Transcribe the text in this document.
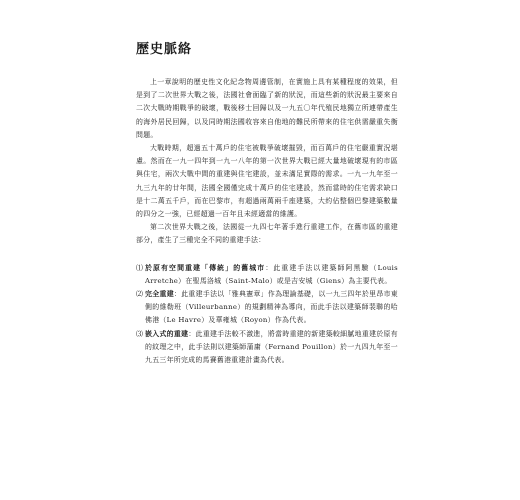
歷史脈絡

上一章說明的歷史性文化紀念物周邊管制，在實施上具有某種程度的效果，但是到了二次世界大戰之後，法國社會面臨了新的狀況，而這些新的狀況最主要來自二次大戰時期戰爭的破壞，戰後移士回歸以及一九五〇年代殖民地獨立所連帶產生的海外居民回歸，以及同時期法國收容來自他地的難民所帶來的住宅供需嚴重失衡問題。

大戰時期，超過五十萬戶的住宅被戰爭破壞摧毀，而百萬戶的住宅嚴重實況堪慮。然而在一九一四年到一九一八年的第一次世界大戰已經大量地破壞現有的市區與住宅，兩次大戰中間的重建與住宅建設，並未滿足實際的需求。一九一九年至一九三九年的廿年間，法國全國僅完成十萬戶的住宅建設，然而當時的住宅需求缺口是十二萬五千戶，而在巴黎市，有超過兩萬兩千座建築，大約佔整個巴黎建築數量的四分之一強，已經超過一百年且未經適當的維護。

第二次世界大戰之後，法國從一九四七年著手進行重建工作，在舊市區的重建部分，產生了三種完全不同的重建手法：

⑴ 於原有空間重建「傳統」的舊城市：此重建手法以建築師阿黑驗（Louis Arretche）在聖馬洛城（Saint-Malo）或是吉安城（Giens）為主要代表。
⑵ 完全重建：此重建手法以「雅典憲章」作為理論基礎，以一九三四年於里昂市東側的維勒班（Villeurbanne）的規劃精神為導向，而此手法以建築師裴聯的哈佛港（Le Havre）及華雍城（Royon）作為代表。
⑶ 嵌入式的重建：此重建手法較不激進，將當時重建的新建築較細膩地重建於原有的紋理之中，此手法則以建築師蒲庸（Fernand Pouillon）於一九四九年至一九五三年所完成的馬賽舊港重建計畫為代表。
